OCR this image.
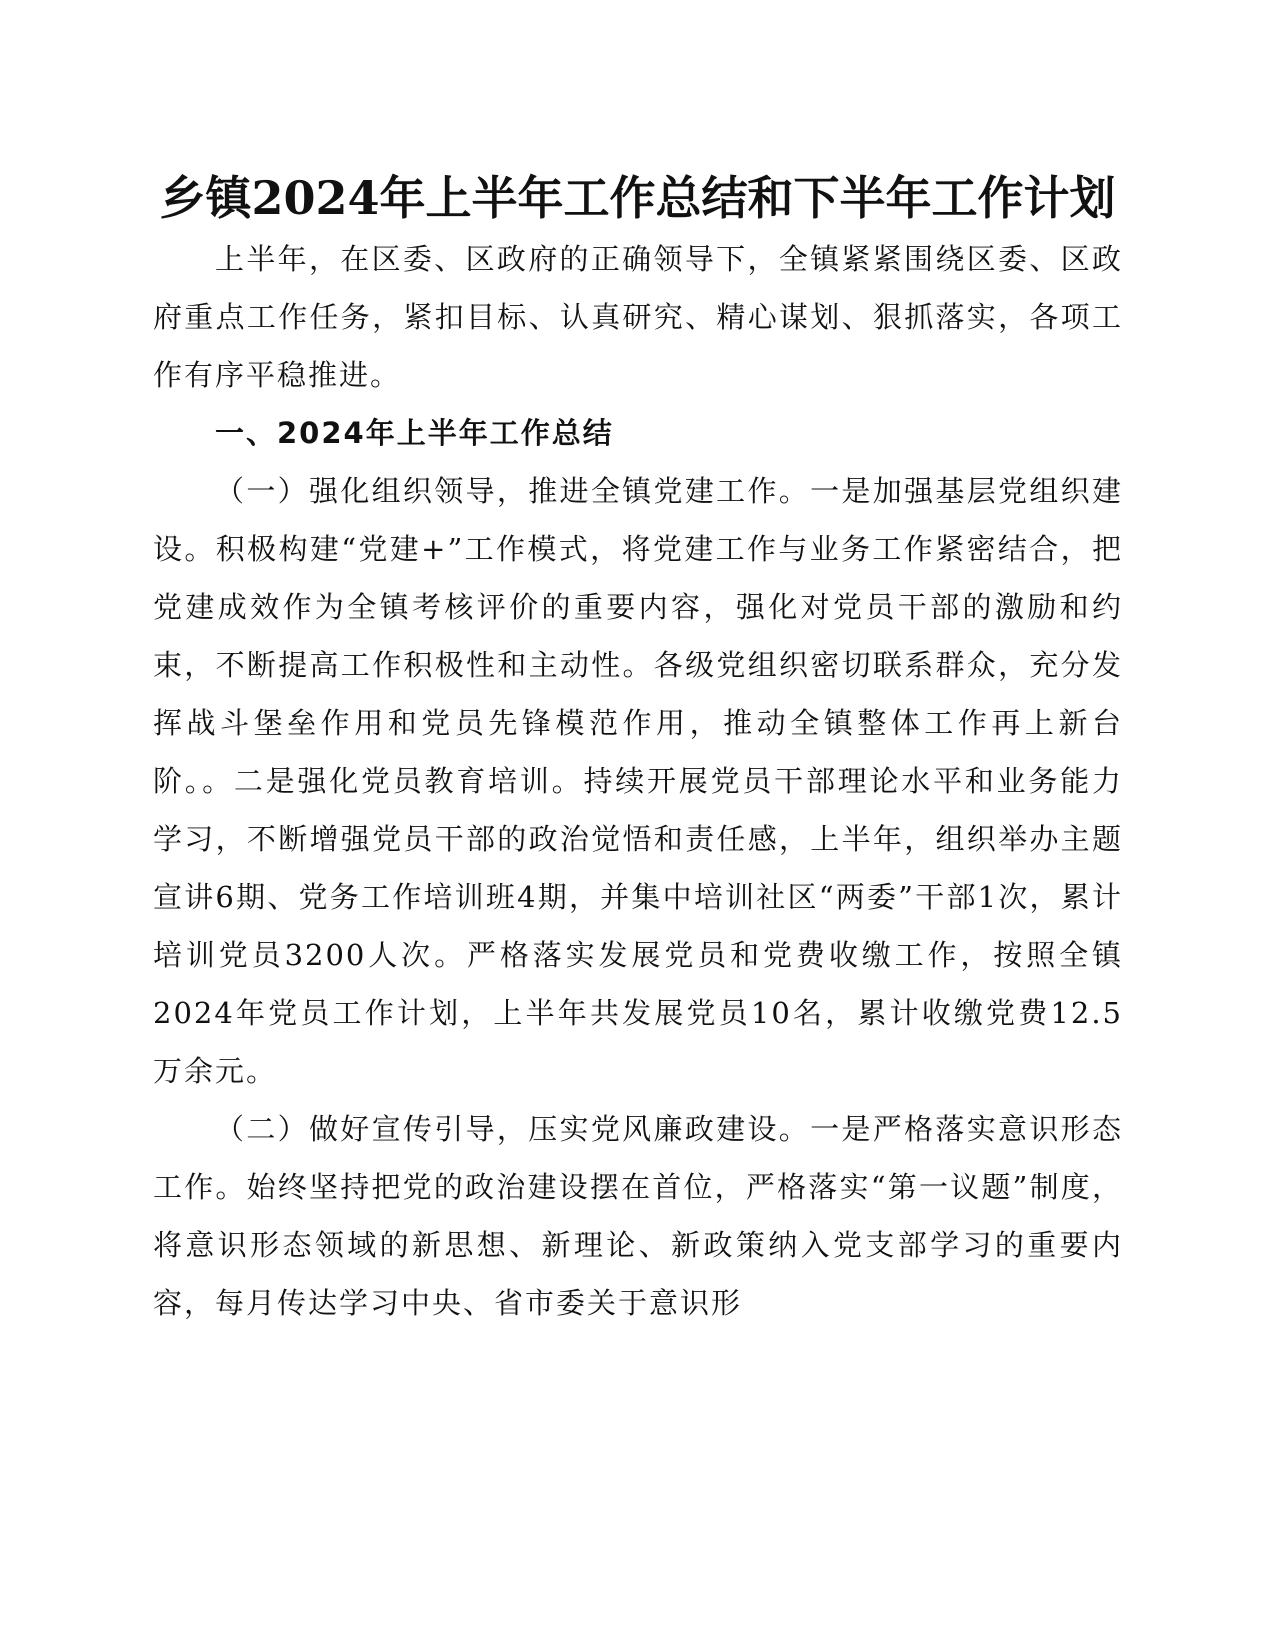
乡镇2024年上半年工作总结和下半年工作计划

上半年，在区委、区政府的正确领导下，全镇紧紧围绕区委、区政府重点工作任务，紧扣目标、认真研究、精心谋划、狠抓落实，各项工作有序平稳推进。

一、2024年上半年工作总结

（一）强化组织领导，推进全镇党建工作。一是加强基层党组织建设。积极构建“党建+”工作模式，将党建工作与业务工作紧密结合，把党建成效作为全镇考核评价的重要内容，强化对党员干部的激励和约束，不断提高工作积极性和主动性。各级党组织密切联系群众，充分发挥战斗堡垒作用和党员先锋模范作用，推动全镇整体工作再上新台阶。。二是强化党员教育培训。持续开展党员干部理论水平和业务能力学习，不断增强党员干部的政治觉悟和责任感，上半年，组织举办主题宣讲6期、党务工作培训班4期，并集中培训社区“两委”干部1次，累计培训党员3200人次。严格落实发展党员和党费收缴工作，按照全镇2024年党员工作计划，上半年共发展党员10名，累计收缴党费12.5万余元。

（二）做好宣传引导，压实党风廉政建设。一是严格落实意识形态工作。始终坚持把党的政治建设摆在首位，严格落实“第一议题”制度，将意识形态领域的新思想、新理论、新政策纳入党支部学习的重要内容，每月传达学习中央、省市委关于意识形
